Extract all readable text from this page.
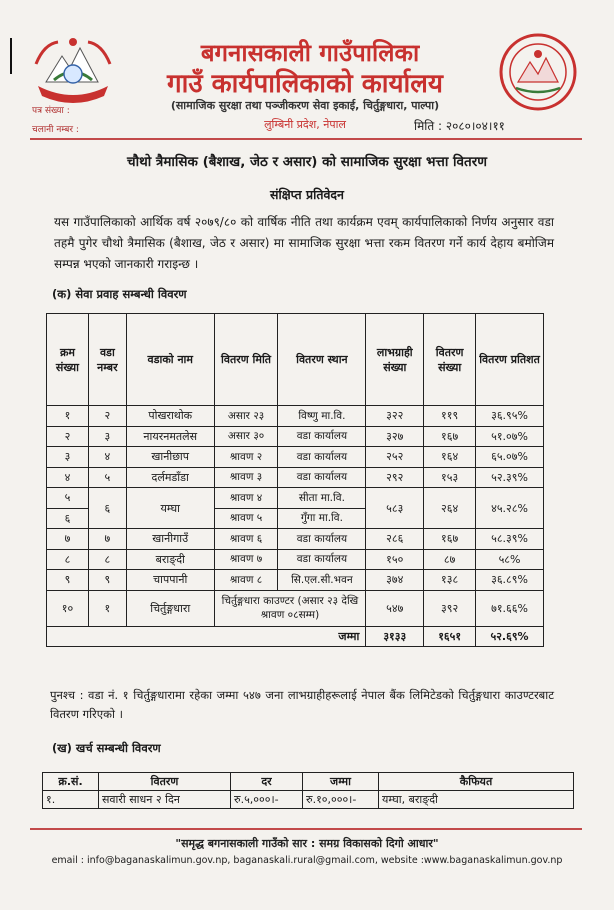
बगनासकाली गाउँपालिका
गाउँ कार्यपालिकाको कार्यालय
(सामाजिक सुरक्षा तथा पञ्जीकरण सेवा इकाई, चिर्तुङ्गधारा, पाल्पा)
लुम्बिनी प्रदेश, नेपाल
पत्र संख्या :
चलानी नम्बर :	मिति : २०८०।०४।११
चौथो त्रैमासिक (बैशाख, जेठ र असार) को सामाजिक सुरक्षा भत्ता वितरण
संक्षिप्त प्रतिवेदन
यस गाउँपालिकाको आर्थिक वर्ष २०७९/८० को वार्षिक नीति तथा कार्यक्रम एवम् कार्यपालिकाको निर्णय अनुसार वडा तहमै पुगेर चौथो त्रैमासिक (बैशाख, जेठ र असार) मा सामाजिक सुरक्षा भत्ता रकम वितरण गर्ने कार्य देहाय बमोजिम सम्पन्न भएको जानकारी गराइन्छ ।
(क) सेवा प्रवाह सम्बन्धी विवरण
क्रम संख्या	वडा नम्बर	वडाको नाम	वितरण मिति	वितरण स्थान	लाभग्राही संख्या	वितरण संख्या	वितरण प्रतिशत
१	२	पोखराथोक	असार २३	विष्णु मा.वि.	३२२	११९	३६.९५%
२	३	नायरनमतलेस	असार ३०	वडा कार्यालय	३२७	१६७	५१.०७%
३	४	खानीछाप	श्रावण २	वडा कार्यालय	२५२	१६४	६५.०७%
४	५	दर्लमडाँडा	श्रावण ३	वडा कार्यालय	२९२	१५३	५२.३९%
५	६	यम्घा	श्रावण ४	सीता मा.वि.	५८३	२६४	४५.२८%
६			श्रावण ५	गुँगा मा.वि.			
७	७	खानीगाउँ	श्रावण ६	वडा कार्यालय	२८६	१६७	५८.३९%
८	८	बराङ्दी	श्रावण ७	वडा कार्यालय	१५०	८७	५८%
९	९	चापपानी	श्रावण ८	सि.एल.सी.भवन	३७४	१३८	३६.८९%
१०	१	चिर्तुङ्गधारा	चिर्तुङ्गधारा काउण्टर (असार २३ देखि श्रावण ०८सम्म)		५४७	३९२	७१.६६%
जम्मा					३१३३	१६५१	५२.६९%
पुनश्च : वडा नं. १ चिर्तुङ्गधारामा रहेका जम्मा ५४७ जना लाभग्राहीहरूलाई नेपाल बैंक लिमिटेडको चिर्तुङ्गधारा काउण्टरबाट वितरण गरिएको ।
(ख) खर्च सम्बन्धी विवरण
क्र.सं.	वितरण	दर	जम्मा	कैफियत
१.	सवारी साधन २ दिन	रु.५,०००।-	रु.१०,०००।-	यम्घा, बराङ्दी
"समृद्ध बगनासकाली गाउँको सार : समग्र विकासको दिगो आधार"
email : info@baganaskalimun.gov.np, baganaskali.rural@gmail.com, website :www.baganaskalimun.gov.np
